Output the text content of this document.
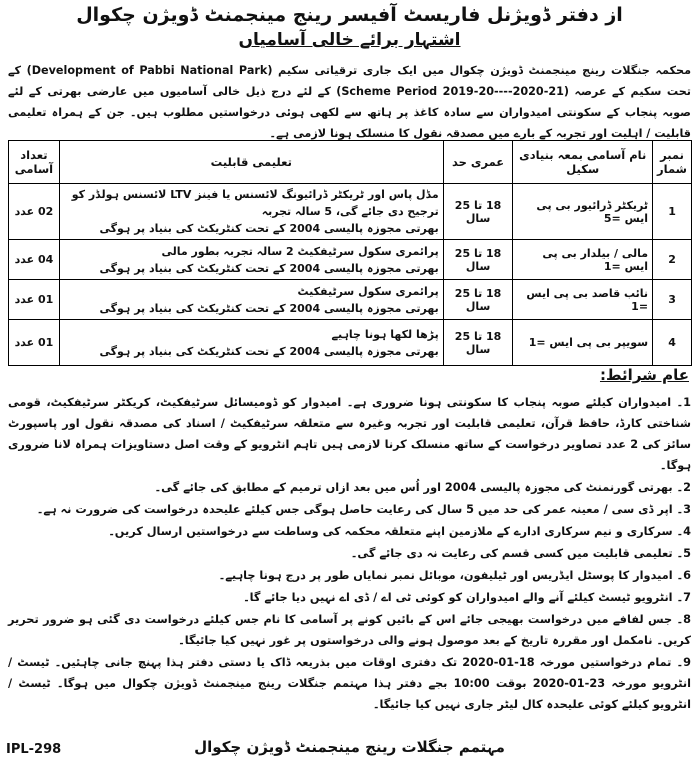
از دفتر ڈویژنل فاریسٹ آفیسر رینج مینجمنٹ ڈویژن چکوال
اشتہار برائے خالی آسامیاں
محکمہ جنگلات رینج مینجمنٹ ڈویژن چکوال میں ایک جاری ترقیاتی سکیم (Development of Pabbi National Park) کے تحت سکیم کے عرصہ (Scheme Period 2019-20----2020-21) کے لئے درج ذیل خالی آسامیوں میں عارضی بھرتی کے لئے صوبہ پنجاب کے سکونتی امیدواران سے سادہ کاغذ پر ہاتھ سے لکھی ہوئی درخواستیں مطلوب ہیں۔ جن کے ہمراہ تعلیمی قابلیت / اہلیت اور تجربہ کے بارے میں مصدقہ نقول کا منسلک ہونا لازمی ہے۔
نمبر شمار	نام آسامی بمعہ بنیادی سکیل	عمری حد	تعلیمی قابلیت	تعداد آسامی
1	ٹریکٹر ڈرائیور بی پی ایس =5	18 تا 25 سال	مڈل پاس اور ٹریکٹر ڈرائیونگ لائسنس یا فینز LTV لائسنس ہولڈر کو ترجیح دی جائے گی، 5 سالہ تجربہ
بھرتی مجوزہ پالیسی 2004 کے تحت کنٹریکٹ کی بنیاد پر ہوگی	02 عدد
2	مالی / بیلدار بی پی ایس =1	18 تا 25 سال	پرائمری سکول سرٹیفکیٹ 2 سالہ تجربہ بطور مالی
بھرتی مجوزہ پالیسی 2004 کے تحت کنٹریکٹ کی بنیاد پر ہوگی	04 عدد
3	نائب قاصد بی پی ایس =1	18 تا 25 سال	پرائمری سکول سرٹیفکیٹ
بھرتی مجوزہ پالیسی 2004 کے تحت کنٹریکٹ کی بنیاد پر ہوگی	01 عدد
4	سویپر بی پی ایس =1	18 تا 25 سال	پڑھا لکھا ہونا چاہیے
بھرتی مجوزہ پالیسی 2004 کے تحت کنٹریکٹ کی بنیاد پر ہوگی	01 عدد
عام شرائط:
1۔ امیدواران کیلئے صوبہ پنجاب کا سکونتی ہونا ضروری ہے۔ امیدوار کو ڈومیسائل سرٹیفکیٹ، کریکٹر سرٹیفکیٹ، قومی شناختی کارڈ، حافظ قرآن، تعلیمی قابلیت اور تجربہ وغیرہ سے متعلقہ سرٹیفکیٹ / اسناد کی مصدقہ نقول اور پاسپورٹ سائز کی 2 عدد تصاویر درخواست کے ساتھ منسلک کرنا لازمی ہیں تاہم انٹرویو کے وقت اصل دستاویزات ہمراہ لانا ضروری ہوگا۔
2۔ بھرتی گورنمنٹ کی مجوزہ پالیسی 2004 اور اُس میں بعد ازاں ترمیم کے مطابق کی جائے گی۔
3۔ اپر ڈی سی / معینہ عمر کی حد میں 5 سال کی رعایت حاصل ہوگی جس کیلئے علیحدہ درخواست کی ضرورت نہ ہے۔
4۔ سرکاری و نیم سرکاری ادارے کے ملازمین اپنے متعلقہ محکمہ کی وساطت سے درخواستیں ارسال کریں۔
5۔ تعلیمی قابلیت میں کسی قسم کی رعایت نہ دی جائے گی۔
6۔ امیدوار کا پوسٹل ایڈریس اور ٹیلیفون، موبائل نمبر نمایاں طور پر درج ہونا چاہیے۔
7۔ انٹرویو ٹیسٹ کیلئے آنے والے امیدواران کو کوئی ٹی اے / ڈی اے نہیں دیا جائے گا۔
8۔ جس لفافے میں درخواست بھیجی جائے اس کے بائیں کونے پر آسامی کا نام جس کیلئے درخواست دی گئی ہو ضرور تحریر کریں۔ نامکمل اور مقررہ تاریخ کے بعد موصول ہونے والی درخواستوں پر غور نہیں کیا جائیگا۔
9۔ تمام درخواستیں مورخہ 18-01-2020 تک دفتری اوقات میں بذریعہ ڈاک یا دستی دفتر ہذا پہنچ جانی چاہئیں۔ ٹیسٹ / انٹرویو مورخہ 23-01-2020 بوقت 10:00 بجے دفتر ہذا مہتمم جنگلات رینج مینجمنٹ ڈویژن چکوال میں ہوگا۔ ٹیسٹ / انٹرویو کیلئے کوئی علیحدہ کال لیٹر جاری نہیں کیا جائیگا۔
مہتمم جنگلات رینج مینجمنٹ ڈویژن چکوال
IPL-298
